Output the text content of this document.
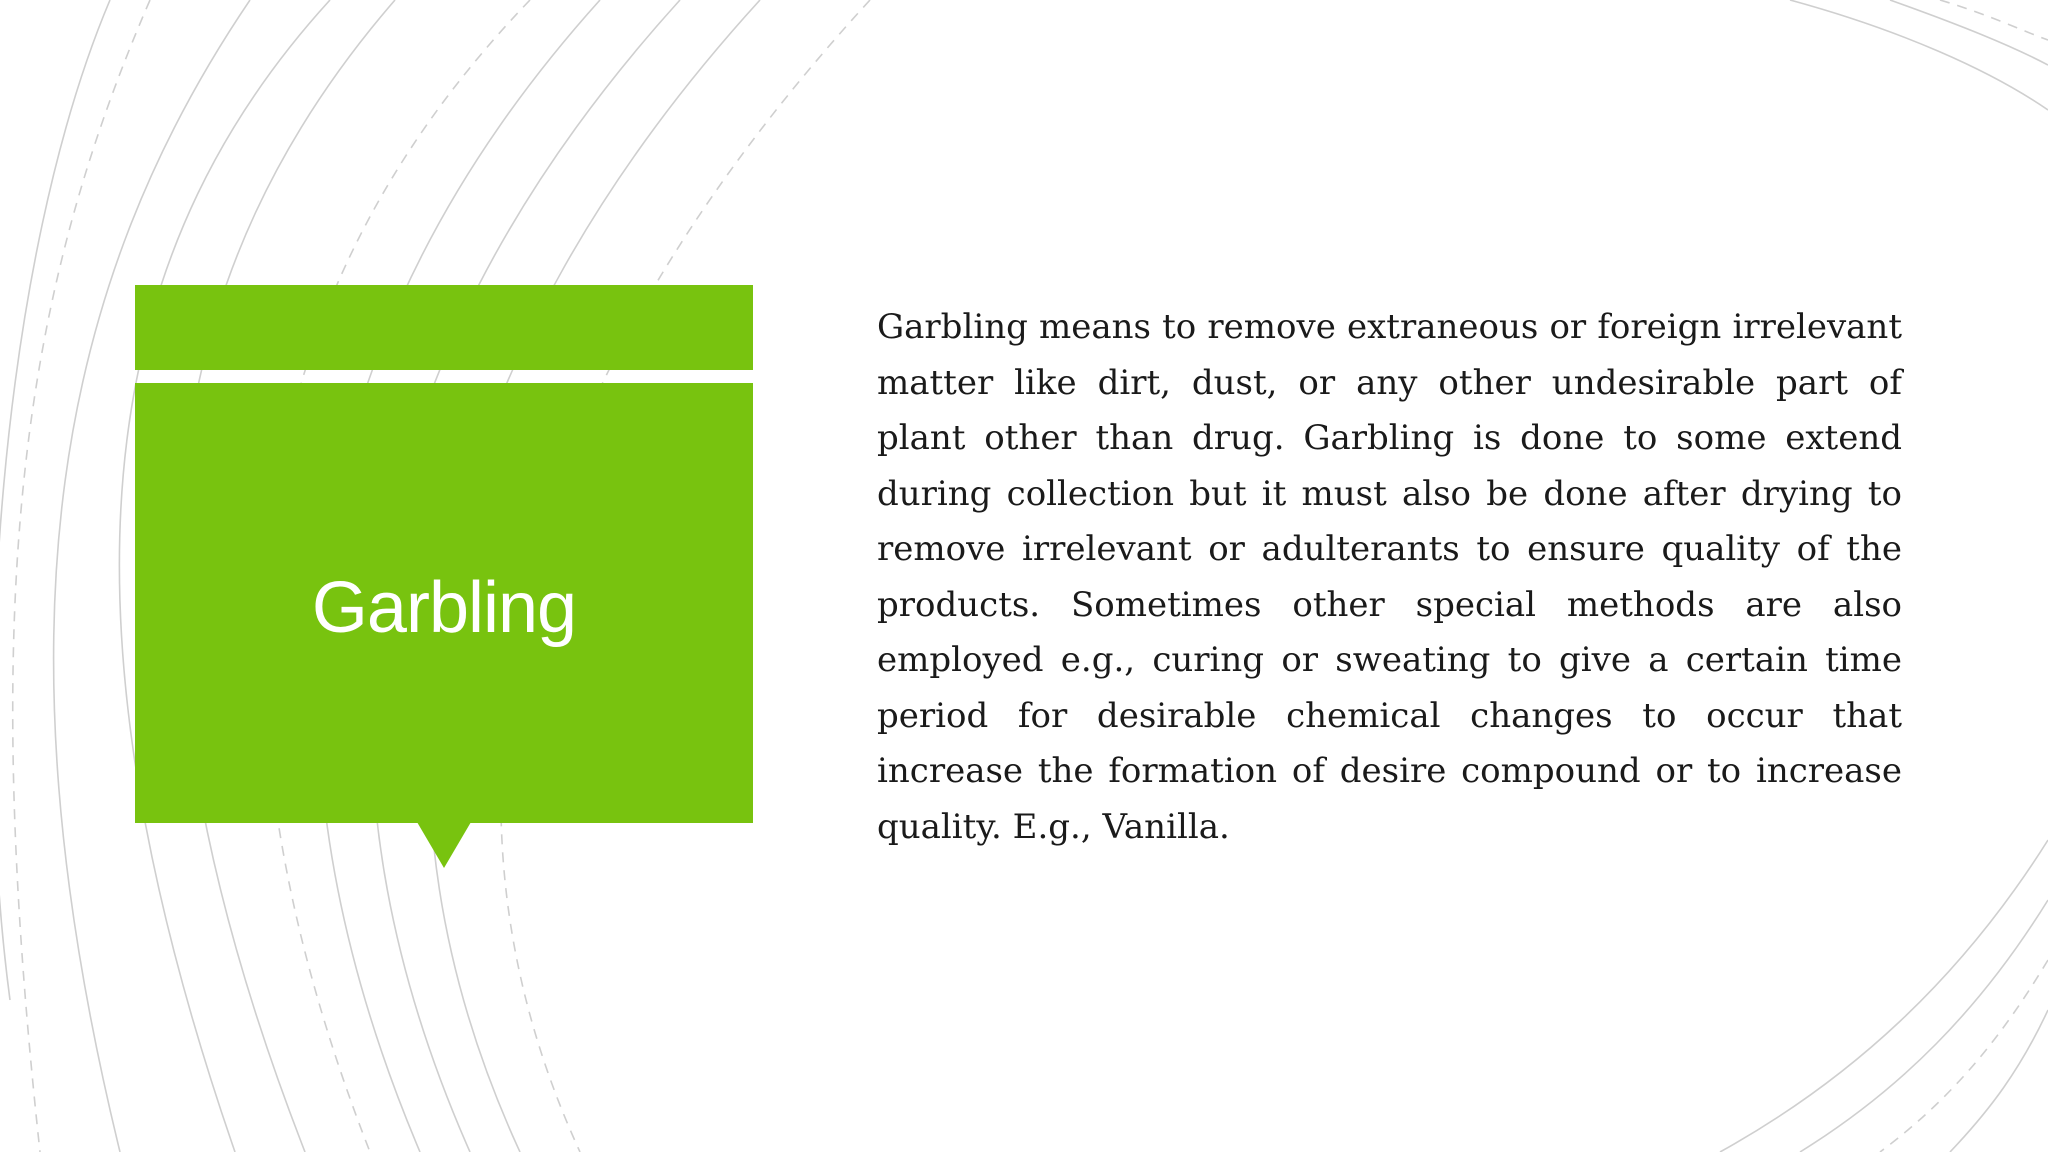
Garbling

Garbling means to remove extraneous or foreign irrelevant matter like dirt, dust, or any other undesirable part of plant other than drug. Garbling is done to some extend during collection but it must also be done after drying to remove irrelevant or adulterants to ensure quality of the products. Sometimes other special methods are also employed e.g., curing or sweating to give a certain time period for desirable chemical changes to occur that increase the formation of desire compound or to increase quality. E.g., Vanilla.
